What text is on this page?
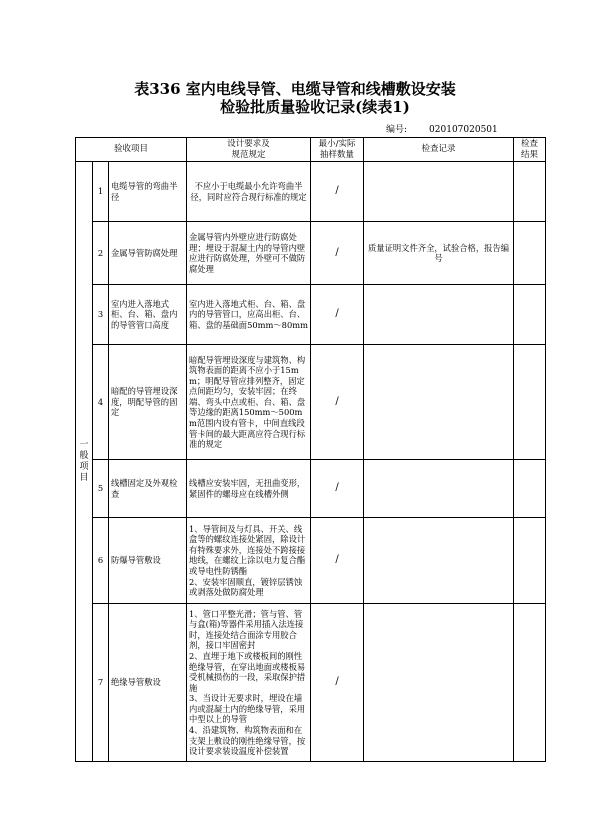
表336 室内电线导管、电缆导管和线槽敷设安装
检验批质量验收记录(续表1)
编号: 020107020501
验收项目			设计要求及
规范规定	最小/实际
抽样数量	检查记录	检查
结果
一
般
项
目	1	电缆导管的弯曲半径	不应小于电缆最小允许弯曲半径，同时应符合现行标准的规定	/		
	2	金属导管防腐处理	金属导管内外壁应进行防腐处理；埋设于混凝土内的导管内壁应进行防腐处理，外壁可不做防腐处理	/	质量证明文件齐全，试验合格，报告编号	
	3	室内进入落地式柜、台、箱、盘内的导管管口高度	室内进入落地式柜、台、箱、盘内的导管管口，应高出柜、台、箱、盘的基础面50mm～80mm	/		
	4	暗配的导管埋设深度，明配导管的固定	暗配导管埋设深度与建筑物、构筑物表面的距离不应小于15mm；明配导管应排列整齐，固定点间距均匀，安装牢固；在终端、弯头中点或柜、台、箱、盘等边缘的距离150mm～500mm范围内设有管卡，中间直线段管卡间的最大距离应符合现行标准的规定	/		
	5	线槽固定及外观检查	线槽应安装牢固，无扭曲变形，紧固件的螺母应在线槽外侧	/		
	6	防爆导管敷设	1、导管间及与灯具、开关、线盒等的螺纹连接处紧固，除设计有特殊要求外，连接处不跨接接地线，在螺纹上涂以电力复合酯或导电性防锈酯
2、安装牢固顺直，镀锌层锈蚀或剥落处做防腐处理	/		
	7	绝缘导管敷设	1、管口平整光滑；管与管、管与盒(箱)等器件采用插入法连接时，连接处结合面涂专用胶合剂，接口牢固密封
2、直埋于地下或楼板间的刚性绝缘导管，在穿出地面或楼板易受机械损伤的一段，采取保护措施
3、当设计无要求时，埋设在墙内或混凝土内的绝缘导管，采用中型以上的导管
4、沿建筑物、构筑物表面和在支架上敷设的刚性绝缘导管，按设计要求装设温度补偿装置	/		
